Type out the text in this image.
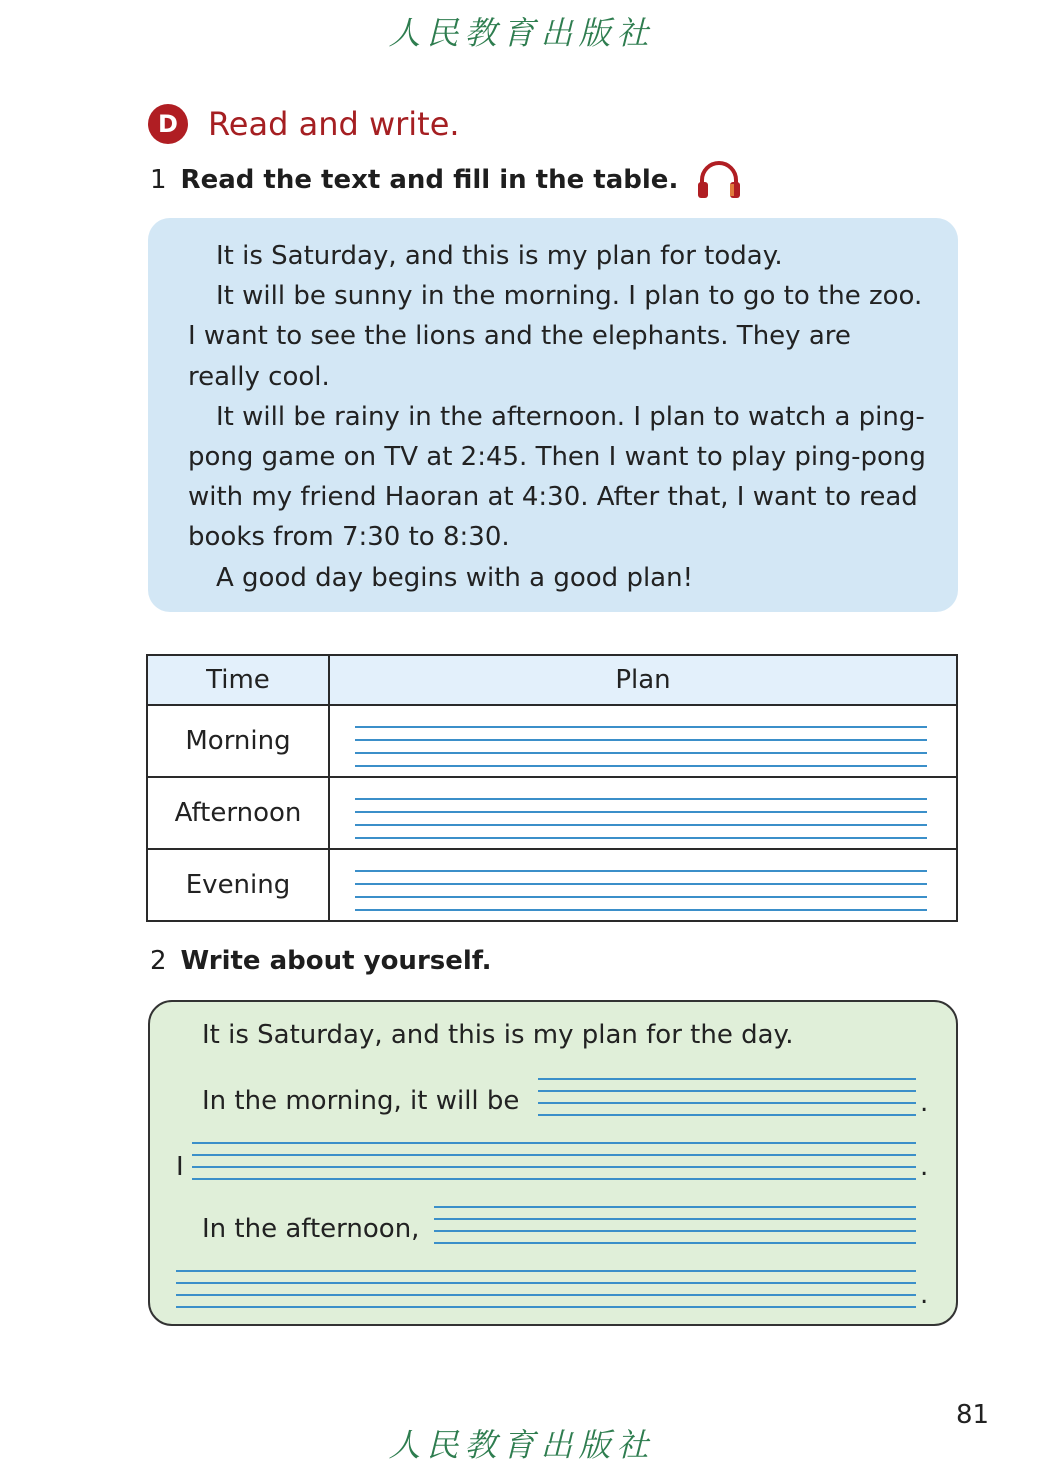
人民教育出版社
D Read and write.
1 Read the text and fill in the table.

It is Saturday, and this is my plan for today.

It will be sunny in the morning. I plan to go to the zoo. I want to see the lions and the elephants. They are really cool.

It will be rainy in the afternoon. I plan to watch a ping-pong game on TV at 2:45. Then I want to play ping-pong with my friend Haoran at 4:30. After that, I want to read books from 7:30 to 8:30.

A good day begins with a good plan!

Time	Plan
Morning	

Afternoon	

Evening	
2 Write about yourself.
It is Saturday, and this is my plan for the day.
In the morning, it will be	.
I	.
In the afternoon,
.
81
人民教育出版社
